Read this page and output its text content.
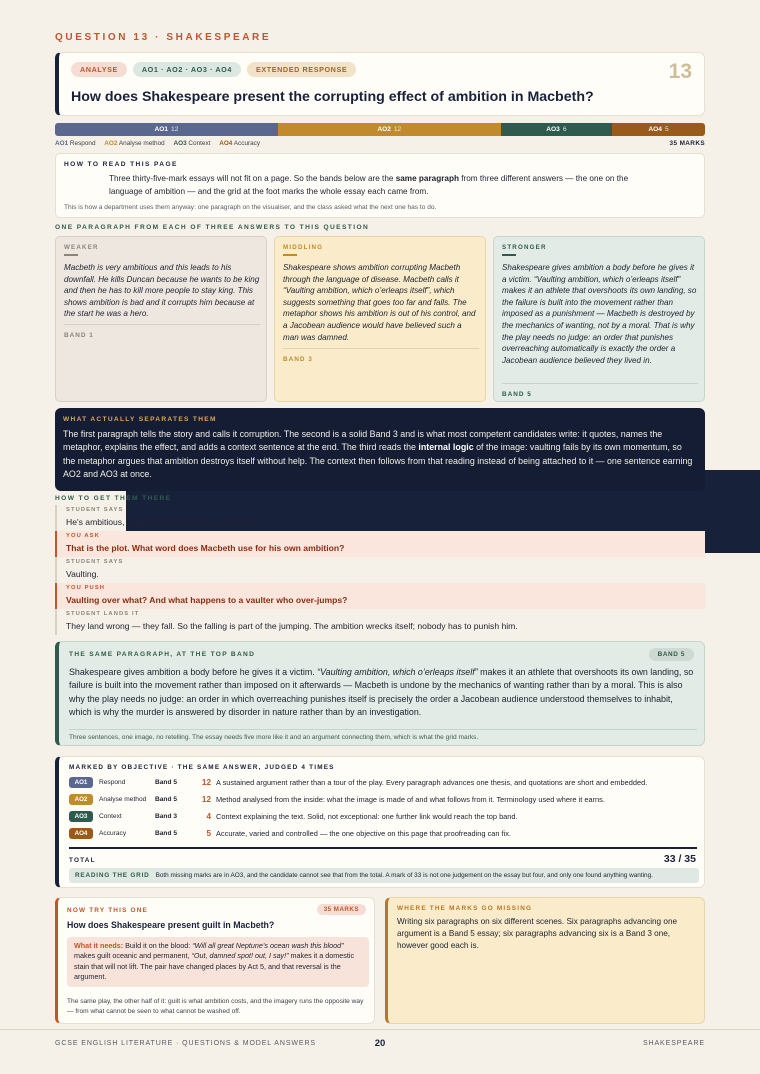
QUESTION 13 · SHAKESPEARE
ANALYSE	AO1 · AO2 · AO3 · AO4	EXTENDED RESPONSE	13
How does Shakespeare present the corrupting effect of ambition in Macbeth?
AO1 12	AO2 12	AO3 6	AO4 5
AO1 Respond AO2 Analyse method AO3 Context AO4 Accuracy	35 MARKS
HOW TO READ THIS PAGE
Three thirty-five-mark essays will not fit on a page. So the bands below are the same paragraph from three different answers — the one on the language of ambition — and the grid at the foot marks the whole essay each came from.
This is how a department uses them anyway: one paragraph on the visualiser, and the class asked what the next one has to do.
ONE PARAGRAPH FROM EACH OF THREE ANSWERS TO THIS QUESTION
WEAKER
Macbeth is very ambitious and this leads to his downfall. He kills Duncan because he wants to be king and then he has to kill more people to stay king. This shows ambition is bad and it corrupts him because at the start he was a hero.
BAND 1
MIDDLING
Shakespeare shows ambition corrupting Macbeth through the language of disease. Macbeth calls it “Vaulting ambition, which o’erleaps itself”, which suggests something that goes too far and falls. The metaphor shows his ambition is out of his control, and a Jacobean audience would have believed such a man was damned.
BAND 3
STRONGER
Shakespeare gives ambition a body before he gives it a victim. “Vaulting ambition, which o’erleaps itself” makes it an athlete that overshoots its own landing, so the failure is built into the movement rather than imposed as a punishment — Macbeth is destroyed by the mechanics of wanting, not by a moral. That is why the play needs no judge: an order that punishes overreaching automatically is exactly the order a Jacobean audience believed they lived in.
BAND 5
WHAT ACTUALLY SEPARATES THEM
The first paragraph tells the story and calls it corruption. The second is a solid Band 3 and is what most competent candidates write: it quotes, names the metaphor, explains the effect, and adds a context sentence at the end. The third reads the internal logic of the image: vaulting fails by its own momentum, so the metaphor argues that ambition destroys itself without help. The context then follows from that reading instead of being attached to it — one sentence earning AO2 and AO3 at once.
HOW TO GET THEM THERE
STUDENT SAYS
He's ambitious, so he kills the king and it ruins him.
YOU ASK
That is the plot. What word does Macbeth use for his own ambition?
STUDENT SAYS
Vaulting.
YOU PUSH
Vaulting over what? And what happens to a vaulter who over-jumps?
STUDENT LANDS IT
They land wrong — they fall. So the falling is part of the jumping. The ambition wrecks itself; nobody has to punish him.
THE SAME PARAGRAPH, AT THE TOP BAND	BAND 5
Shakespeare gives ambition a body before he gives it a victim. “Vaulting ambition, which o’erleaps itself” makes it an athlete that overshoots its own landing, so failure is built into the movement rather than imposed on it afterwards — Macbeth is undone by the mechanics of wanting rather than by a moral. This is also why the play needs no judge: an order in which overreaching punishes itself is precisely the order a Jacobean audience understood themselves to inhabit, which is why the murder is answered by disorder in nature rather than by an investigation.
Three sentences, one image, no retelling. The essay needs five more like it and an argument connecting them, which is what the grid marks.
MARKED BY OBJECTIVE · THE SAME ANSWER, JUDGED 4 TIMES
AO1	Respond	Band 5	12 A sustained argument rather than a tour of the play. Every paragraph advances one thesis, and quotations are short and embedded.
AO2	Analyse method Band 5	12 Method analysed from the inside: what the image is made of and what follows from it. Terminology used where it earns.
AO3	Context	Band 3	4 Context explaining the text. Solid, not exceptional: one further link would reach the top band.
AO4	Accuracy	Band 5	5 Accurate, varied and controlled — the one objective on this page that proofreading can fix.
TOTAL	33 / 35
READING THE GRID Both missing marks are in AO3, and the candidate cannot see that from the total. A mark of 33 is not one judgement on the essay but four, and only one found anything wanting.
NOW TRY THIS ONE	35 MARKS
How does Shakespeare present guilt in Macbeth?
What it needs: Build it on the blood: “Will all great Neptune’s ocean wash this blood” makes guilt oceanic and permanent, “Out, damned spot! out, I say!” makes it a domestic stain that will not lift. The pair have changed places by Act 5, and that reversal is the argument.
The same play, the other half of it: guilt is what ambition costs, and the imagery runs the opposite way — from what cannot be seen to what cannot be washed off.
WHERE THE MARKS GO MISSING
Writing six paragraphs on six different scenes. Six paragraphs advancing one argument is a Band 5 essay; six paragraphs advancing six is a Band 3 one, however good each is.
GCSE ENGLISH LITERATURE · QUESTIONS & MODEL ANSWERS	20	SHAKESPEARE
